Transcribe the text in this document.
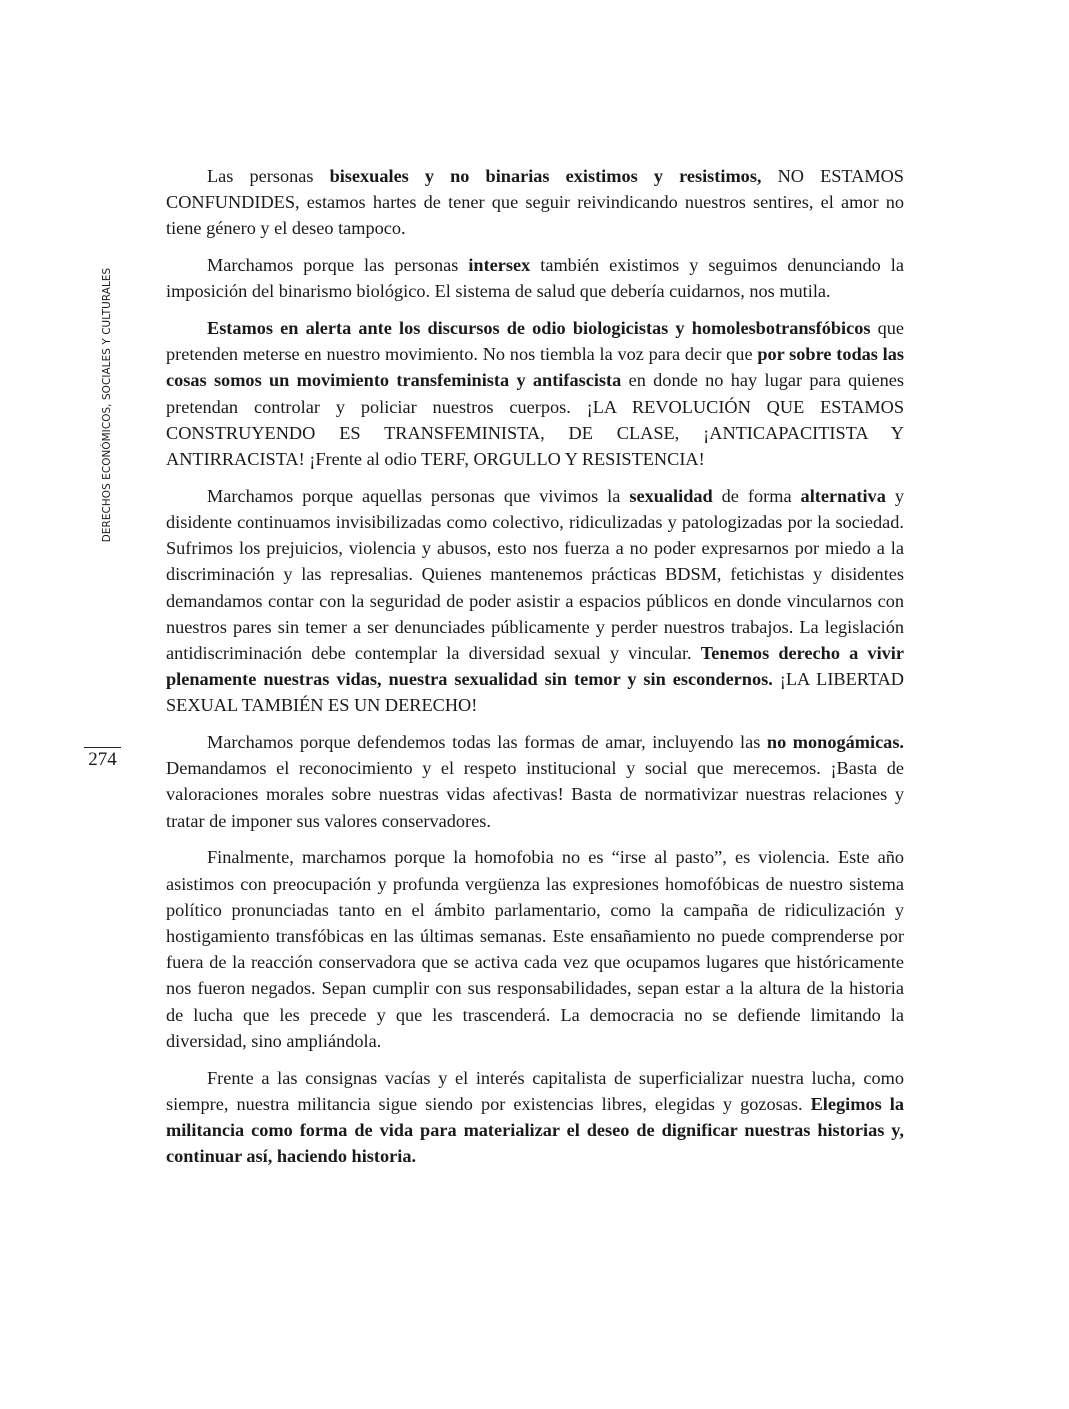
DERECHOS ECONÓMICOS, SOCIALES Y CULTURALES
274

Las personas bisexuales y no binarias existimos y resistimos, NO ESTAMOS CONFUNDIDES, estamos hartes de tener que seguir reivindicando nuestros sentires, el amor no tiene género y el deseo tampoco.

Marchamos porque las personas intersex también existimos y seguimos denunciando la imposición del binarismo biológico. El sistema de salud que debería cuidarnos, nos mutila.

Estamos en alerta ante los discursos de odio biologicistas y homolesbotransfóbicos que pretenden meterse en nuestro movimiento. No nos tiembla la voz para decir que por sobre todas las cosas somos un movimiento transfeminista y antifascista en donde no hay lugar para quienes pretendan controlar y policiar nuestros cuerpos. ¡LA REVOLUCIÓN QUE ESTAMOS CONSTRUYENDO ES TRANSFEMINISTA, DE CLASE, ¡ANTICAPACITISTA Y ANTIRRACISTA! ¡Frente al odio TERF, ORGULLO Y RESISTENCIA!

Marchamos porque aquellas personas que vivimos la sexualidad de forma alternativa y disidente continuamos invisibilizadas como colectivo, ridiculizadas y patologizadas por la sociedad. Sufrimos los prejuicios, violencia y abusos, esto nos fuerza a no poder expresarnos por miedo a la discriminación y las represalias. Quienes mantenemos prácticas BDSM, fetichistas y disidentes demandamos contar con la seguridad de poder asistir a espacios públicos en donde vincularnos con nuestros pares sin temer a ser denunciades públicamente y perder nuestros trabajos. La legislación antidiscriminación debe contemplar la diversidad sexual y vincular. Tenemos derecho a vivir plenamente nuestras vidas, nuestra sexualidad sin temor y sin escondernos. ¡LA LIBERTAD SEXUAL TAMBIÉN ES UN DERECHO!

Marchamos porque defendemos todas las formas de amar, incluyendo las no monogámicas. Demandamos el reconocimiento y el respeto institucional y social que merecemos. ¡Basta de valoraciones morales sobre nuestras vidas afectivas! Basta de normativizar nuestras relaciones y tratar de imponer sus valores conservadores.

Finalmente, marchamos porque la homofobia no es “irse al pasto”, es violencia. Este año asistimos con preocupación y profunda vergüenza las expresiones homofóbicas de nuestro sistema político pronunciadas tanto en el ámbito parlamentario, como la campaña de ridiculización y hostigamiento transfóbicas en las últimas semanas. Este ensañamiento no puede comprenderse por fuera de la reacción conservadora que se activa cada vez que ocupamos lugares que históricamente nos fueron negados. Sepan cumplir con sus responsabilidades, sepan estar a la altura de la historia de lucha que les precede y que les trascenderá. La democracia no se defiende limitando la diversidad, sino ampliándola.

Frente a las consignas vacías y el interés capitalista de superficializar nuestra lucha, como siempre, nuestra militancia sigue siendo por existencias libres, elegidas y gozosas. Elegimos la militancia como forma de vida para materializar el deseo de dignificar nuestras historias y, continuar así, haciendo historia.
